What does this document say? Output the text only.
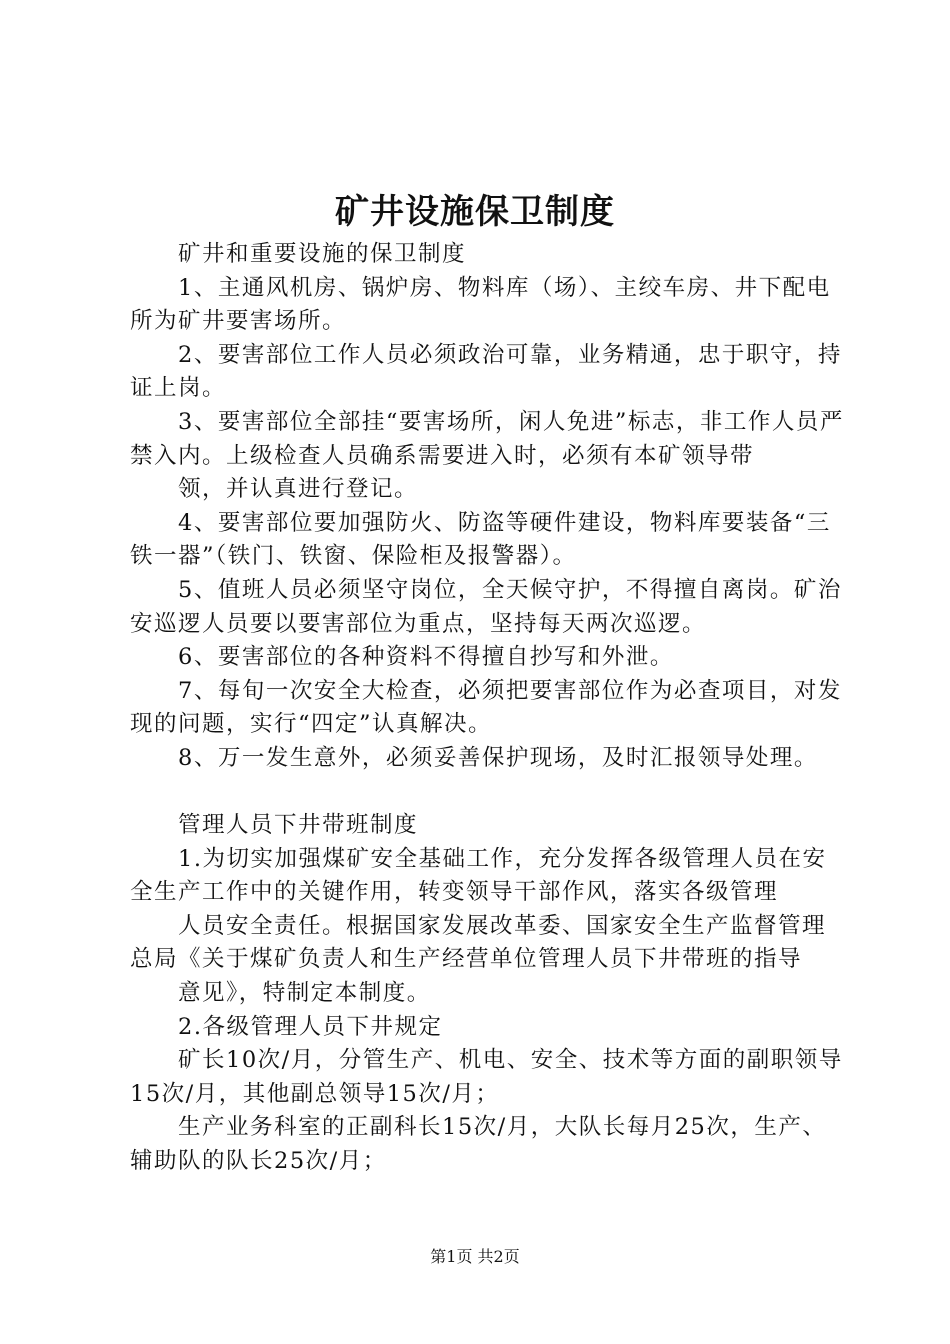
矿井设施保卫制度

矿井和重要设施的保卫制度

1、主通风机房、锅炉房、物料库（场）、主绞车房、井下配电所为矿井要害场所。

2、要害部位工作人员必须政治可靠，业务精通，忠于职守，持证上岗。

3、要害部位全部挂“要害场所，闲人免进”标志，非工作人员严禁入内。上级检查人员确系需要进入时，必须有本矿领导带

领，并认真进行登记。

4、要害部位要加强防火、防盗等硬件建设，物料库要装备“三铁一器”（铁门、铁窗、保险柜及报警器）。

5、值班人员必须坚守岗位，全天候守护，不得擅自离岗。矿治安巡逻人员要以要害部位为重点，坚持每天两次巡逻。

6、要害部位的各种资料不得擅自抄写和外泄。

7、每旬一次安全大检查，必须把要害部位作为必查项目，对发现的问题，实行“四定”认真解决。

8、万一发生意外，必须妥善保护现场，及时汇报领导处理。

管理人员下井带班制度

1.为切实加强煤矿安全基础工作，充分发挥各级管理人员在安全生产工作中的关键作用，转变领导干部作风，落实各级管理

人员安全责任。根据国家发展改革委、国家安全生产监督管理总局《关于煤矿负责人和生产经营单位管理人员下井带班的指导

意见》，特制定本制度。

2.各级管理人员下井规定

矿长10次/月，分管生产、机电、安全、技术等方面的副职领导15次/月，其他副总领导15次/月；

生产业务科室的正副科长15次/月，大队长每月25次，生产、辅助队的队长25次/月；

第1页 共2页
